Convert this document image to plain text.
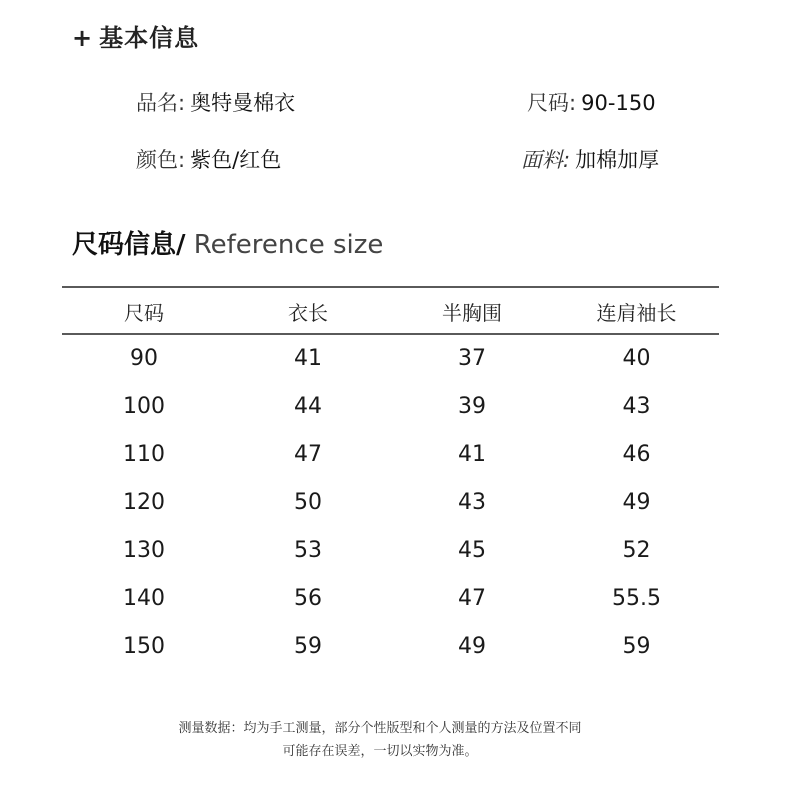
+ 基本信息
品名: 奥特曼棉衣	尺码: 90-150
颜色: 紫色/红色	面料: 加棉加厚
尺码信息/ Reference size
尺码	衣长	半胸围	连肩袖长
90	41	37	40
100	44	39	43
110	47	41	46
120	50	43	49
130	53	45	52
140	56	47	55.5
150	59	49	59
测量数据：均为手工测量，部分个性版型和个人测量的方法及位置不同
可能存在误差，一切以实物为准。
